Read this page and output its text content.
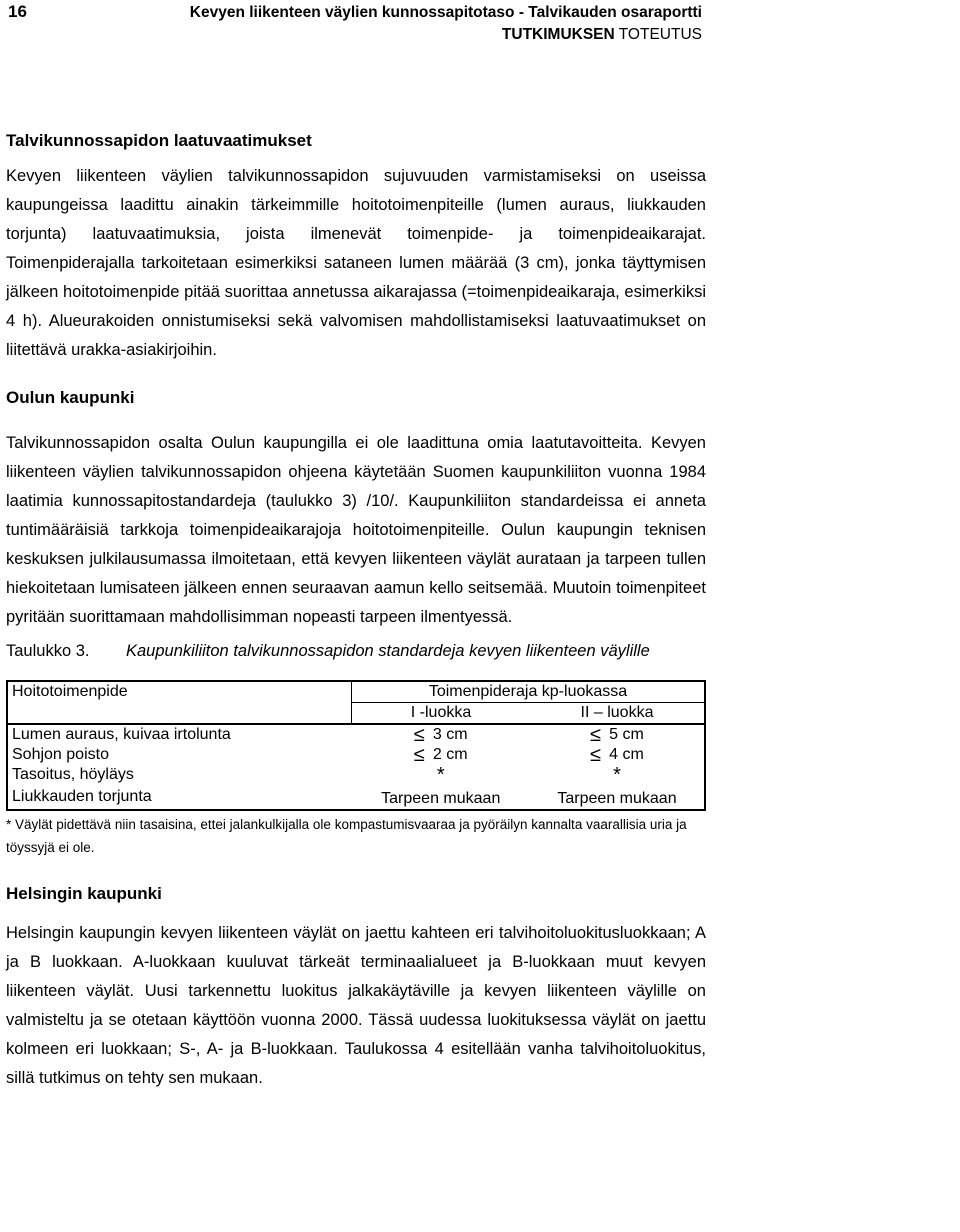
16	Kevyen liikenteen väylien kunnossapitotaso - Talvikauden osaraportti
TUTKIMUKSEN TOTEUTUS
Talvikunnossapidon laatuvaatimukset

Kevyen liikenteen väylien talvikunnossapidon sujuvuuden varmistamiseksi on useissa kaupungeissa laadittu ainakin tärkeimmille hoitotoimenpiteille (lumen auraus, liukkauden torjunta) laatuvaatimuksia, joista ilmenevät toimenpide- ja toimenpideaikarajat. Toimenpiderajalla tarkoitetaan esimerkiksi sataneen lumen määrää (3 cm), jonka täyttymisen jälkeen hoitotoimenpide pitää suorittaa annetussa aikarajassa (=toimenpideaikaraja, esimerkiksi 4 h). Alueurakoiden onnistumiseksi sekä valvomisen mahdollistamiseksi laatuvaatimukset on liitettävä urakka-asiakirjoihin.

Oulun kaupunki

Talvikunnossapidon osalta Oulun kaupungilla ei ole laadittuna omia laatutavoitteita. Kevyen liikenteen väylien talvikunnossapidon ohjeena käytetään Suomen kaupunkiliiton vuonna 1984 laatimia kunnossapitostandardeja (taulukko 3) /10/. Kaupunkiliiton standardeissa ei anneta tuntimääräisiä tarkkoja toimenpideaikarajoja hoitotoimenpiteille. Oulun kaupungin teknisen keskuksen julkilausumassa ilmoitetaan, että kevyen liikenteen väylät aurataan ja tarpeen tullen hiekoitetaan lumisateen jälkeen ennen seuraavan aamun kello seitsemää. Muutoin toimenpiteet pyritään suorittamaan mahdollisimman nopeasti tarpeen ilmentyessä.

Taulukko 3.	Kaupunkiliiton talvikunnossapidon standardeja kevyen liikenteen väylille
Hoitotoimenpide	Toimenpideraja kp-luokassa	
	I -luokka	II – luokka
Lumen auraus, kuivaa irtolunta	≤ 3 cm	≤ 5 cm
Sohjon poisto	≤ 2 cm	≤ 4 cm
Tasoitus, höyläys	*	*
Liukkauden torjunta	Tarpeen mukaan	Tarpeen mukaan
* Väylät pidettävä niin tasaisina, ettei jalankulkijalla ole kompastumisvaaraa ja pyöräilyn kannalta vaarallisia uria ja töyssyjä ei ole.
Helsingin kaupunki

Helsingin kaupungin kevyen liikenteen väylät on jaettu kahteen eri talvihoitoluokitusluokkaan; A ja B luokkaan. A-luokkaan kuuluvat tärkeät terminaalialueet ja B-luokkaan muut kevyen liikenteen väylät. Uusi tarkennettu luokitus jalkakäytäville ja kevyen liikenteen väylille on valmisteltu ja se otetaan käyttöön vuonna 2000. Tässä uudessa luokituksessa väylät on jaettu kolmeen eri luokkaan; S-, A- ja B-luokkaan. Taulukossa 4 esitellään vanha talvihoitoluokitus, sillä tutkimus on tehty sen mukaan.
